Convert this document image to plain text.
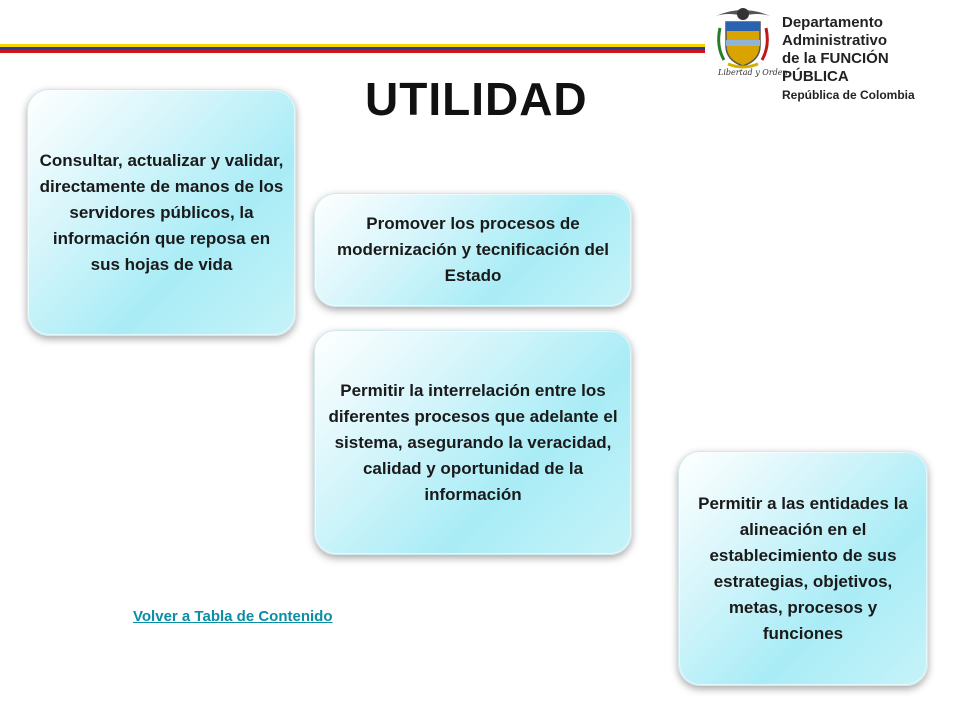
UTILIDAD
Libertad y Orden
Departamento Administrativo
de la FUNCIÓN PÚBLICA
República de Colombia
Consultar, actualizar y validar, directamente de manos de los servidores públicos, la información que reposa en sus hojas de vida
Promover los procesos de modernización y tecnificación del Estado
Permitir la interrelación entre los diferentes procesos que adelante el sistema, asegurando la veracidad, calidad y oportunidad de la información	Permitir a las entidades la alineación en el establecimiento de sus estrategias, objetivos, metas, procesos y funciones
Volver a Tabla de Contenido
